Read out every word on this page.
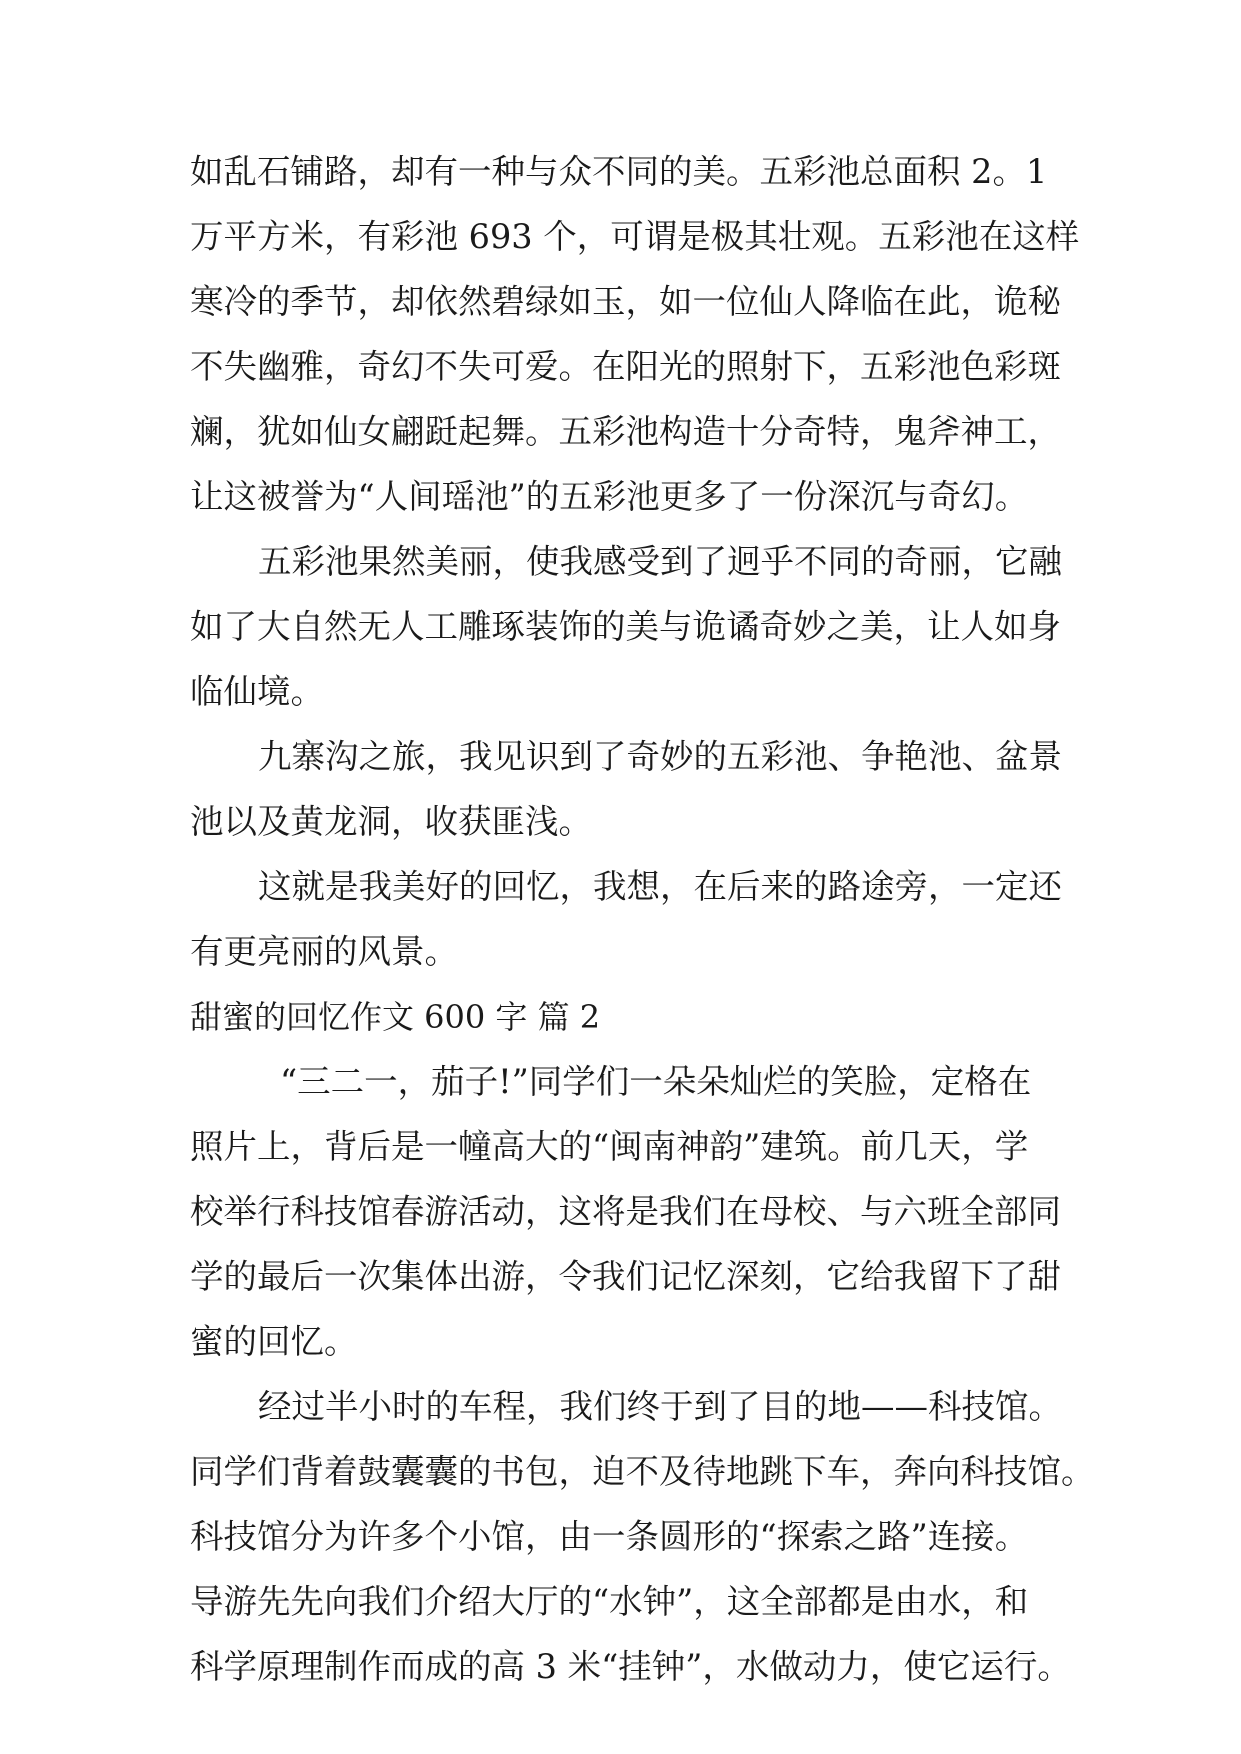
如乱石铺路，却有一种与众不同的美。五彩池总面积 2。1
万平方米，有彩池 693 个，可谓是极其壮观。五彩池在这样
寒冷的季节，却依然碧绿如玉，如一位仙人降临在此，诡秘
不失幽雅，奇幻不失可爱。在阳光的照射下，五彩池色彩斑
斓，犹如仙女翩跹起舞。五彩池构造十分奇特，鬼斧神工，
让这被誉为“人间瑶池”的五彩池更多了一份深沉与奇幻。
五彩池果然美丽，使我感受到了迥乎不同的奇丽，它融
如了大自然无人工雕琢装饰的美与诡谲奇妙之美，让人如身
临仙境。
九寨沟之旅，我见识到了奇妙的五彩池、争艳池、盆景
池以及黄龙洞，收获匪浅。
这就是我美好的回忆，我想，在后来的路途旁，一定还
有更亮丽的风景。
甜蜜的回忆作文 600 字 篇 2
“三二一，茄子!”同学们一朵朵灿烂的笑脸，定格在
照片上，背后是一幢高大的“闽南神韵”建筑。前几天，学
校举行科技馆春游活动，这将是我们在母校、与六班全部同
学的最后一次集体出游，令我们记忆深刻，它给我留下了甜
蜜的回忆。
经过半小时的车程，我们终于到了目的地——科技馆。
同学们背着鼓囊囊的书包，迫不及待地跳下车，奔向科技馆。
科技馆分为许多个小馆，由一条圆形的“探索之路”连接。
导游先先向我们介绍大厅的“水钟”，这全部都是由水，和
科学原理制作而成的高 3 米“挂钟”，水做动力，使它运行。
